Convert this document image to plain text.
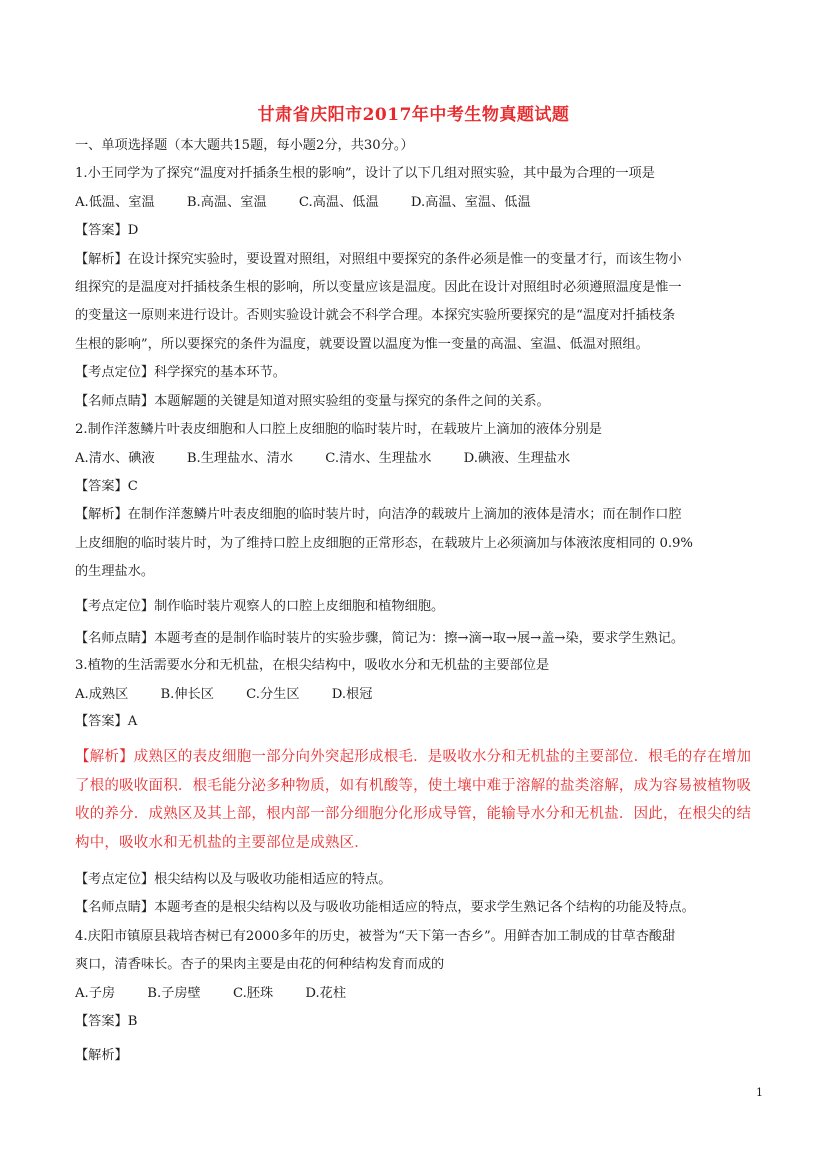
甘肃省庆阳市2017年中考生物真题试题
一、单项选择题（本大题共15题，每小题2分，共30分。）
1.小王同学为了探究“温度对扦插条生根的影响”，设计了以下几组对照实验，其中最为合理的一项是
A.低温、室温 B.高温、室温 C.高温、低温 D.高温、室温、低温
【答案】D
【解析】在设计探究实验时，要设置对照组，对照组中要探究的条件必须是惟一的变量才行，而该生物小
组探究的是温度对扦插枝条生根的影响，所以变量应该是温度。因此在设计对照组时必须遵照温度是惟一
的变量这一原则来进行设计。否则实验设计就会不科学合理。本探究实验所要探究的是“温度对扦插枝条
生根的影响”，所以要探究的条件为温度，就要设置以温度为惟一变量的高温、室温、低温对照组。
【考点定位】科学探究的基本环节。
【名师点睛】本题解题的关键是知道对照实验组的变量与探究的条件之间的关系。
2.制作洋葱鳞片叶表皮细胞和人口腔上皮细胞的临时装片时，在载玻片上滴加的液体分别是
A.清水、碘液 B.生理盐水、清水 C.清水、生理盐水 D.碘液、生理盐水
【答案】C
【解析】在制作洋葱鳞片叶表皮细胞的临时装片时，向洁净的载玻片上滴加的液体是清水；而在制作口腔
上皮细胞的临时装片时，为了维持口腔上皮细胞的正常形态，在载玻片上必须滴加与体液浓度相同的 0.9%
的生理盐水。
【考点定位】制作临时装片观察人的口腔上皮细胞和植物细胞。
【名师点睛】本题考查的是制作临时装片的实验步骤，简记为：擦→滴→取→展→盖→染，要求学生熟记。
3.植物的生活需要水分和无机盐，在根尖结构中，吸收水分和无机盐的主要部位是
A.成熟区 B.伸长区 C.分生区 D.根冠
【答案】A
【解析】成熟区的表皮细胞一部分向外突起形成根毛．是吸收水分和无机盐的主要部位．根毛的存在增加
了根的吸收面积．根毛能分泌多种物质，如有机酸等，使土壤中难于溶解的盐类溶解，成为容易被植物吸
收的养分．成熟区及其上部，根内部一部分细胞分化形成导管，能输导水分和无机盐．因此，在根尖的结
构中，吸收水和无机盐的主要部位是成熟区．
【考点定位】根尖结构以及与吸收功能相适应的特点。
【名师点睛】本题考查的是根尖结构以及与吸收功能相适应的特点，要求学生熟记各个结构的功能及特点。
4.庆阳市镇原县栽培杏树已有2000多年的历史，被誉为“天下第一杏乡”。用鲜杏加工制成的甘草杏酸甜
爽口，清香味长。杏子的果肉主要是由花的何种结构发育而成的
A.子房 B.子房壁 C.胚珠 D.花柱
【答案】B
【解析】
1
